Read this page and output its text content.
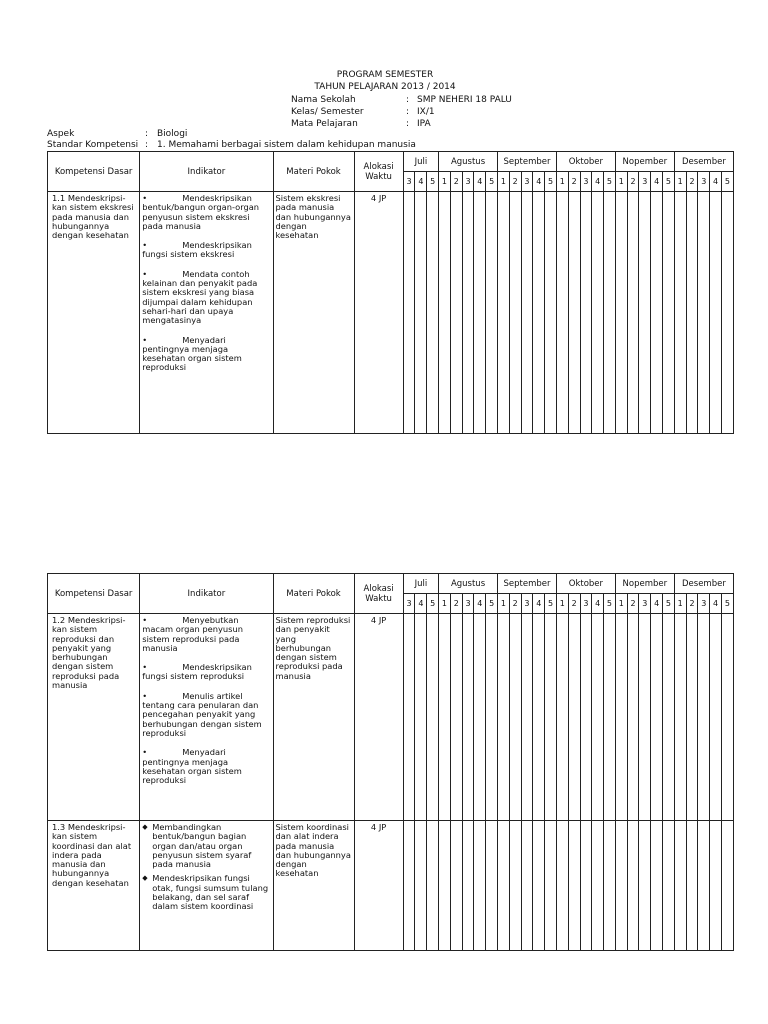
PROGRAM SEMESTER
TAHUN PELAJARAN 2013 / 2014
Nama Sekolah	: SMP NEHERI 18 PALU
Kelas/ Semester	: IX/1
Mata Pelajaran	: IPA
Aspek	: Biologi
Standar Kompetensi : 1. Memahami berbagai sistem dalam kehidupan manusia
Kompetensi Dasar	Indikator	Materi Pokok	Alokasi Waktu	Juli			Agustus					September					Oktober					Nopember					Desember				
				3	4	5	1	2	3	4	5	1	2	3	4	5	1	2	3	4	5	1	2	3	4	5	1	2	3	4	5

1.1 Mendeskripsi-kan sistem ekskresi pada manusia dan hubungannya dengan kesehatan	• Mendeskripsikan bentuk/bangun organ-organ penyusun sistem ekskresi pada manusia
• Mendeskripsikan fungsi sistem ekskresi
• Mendata contoh kelainan dan penyakit pada sistem ekskresi yang biasa dijumpai dalam kehidupan sehari-hari dan upaya mengatasinya
• Menyadari pentingnya menjaga kesehatan organ sistem reproduksi	Sistem ekskresi pada manusia dan hubungannya dengan kesehatan	4 JP																												
Kompetensi Dasar	Indikator	Materi Pokok	Alokasi Waktu	Juli			Agustus					September					Oktober					Nopember					Desember				
				3	4	5	1	2	3	4	5	1	2	3	4	5	1	2	3	4	5	1	2	3	4	5	1	2	3	4	5

1.2 Mendeskripsi-kan sistem reproduksi dan penyakit yang berhubungan dengan sistem reproduksi pada manusia	• Menyebutkan macam organ penyusun sistem reproduksi pada manusia
• Mendeskripsikan fungsi sistem reproduksi
• Menulis artikel tentang cara penularan dan pencegahan penyakit yang berhubungan dengan sistem reproduksi
• Menyadari pentingnya menjaga kesehatan organ sistem reproduksi	Sistem reproduksi dan penyakit yang berhubungan dengan sistem reproduksi pada manusia	4 JP																												

1.3 Mendeskripsi-kan sistem koordinasi dan alat indera pada manusia dan hubungannya dengan kesehatan	◆ Membandingkan bentuk/bangun bagian organ dan/atau organ penyusun sistem syaraf pada manusia
◆ Mendeskripsikan fungsi otak, fungsi sumsum tulang belakang, dan sel saraf dalam sistem koordinasi	Sistem koordinasi dan alat indera pada manusia dan hubungannya dengan kesehatan	4 JP																												
